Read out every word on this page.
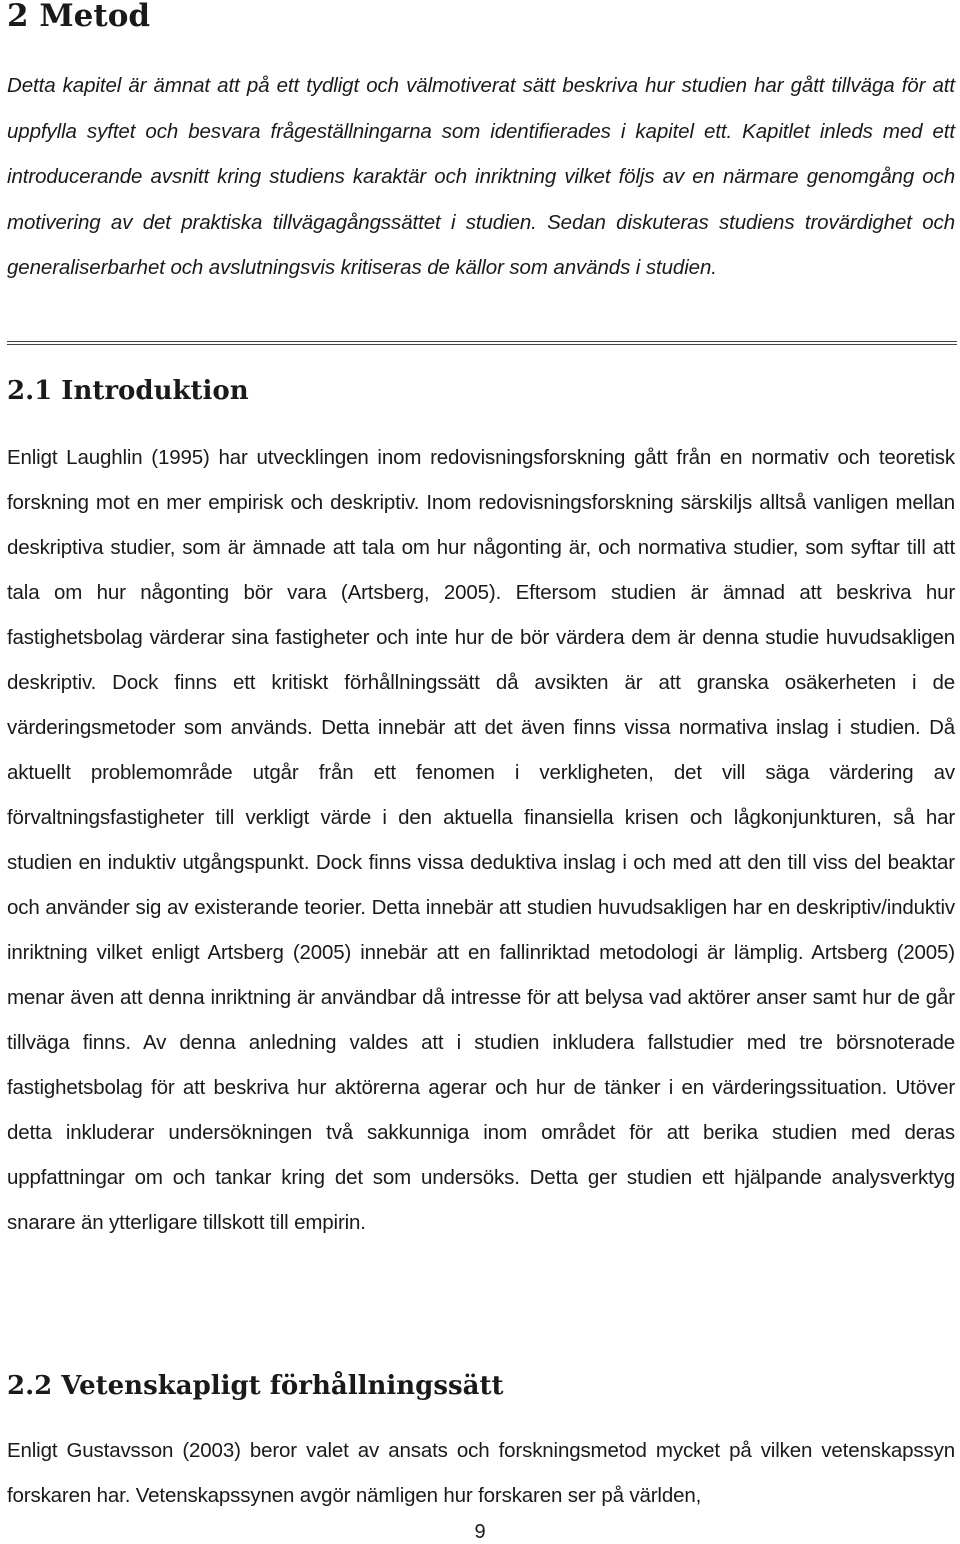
2 Metod

Detta kapitel är ämnat att på ett tydligt och välmotiverat sätt beskriva hur studien har gått tillväga för att uppfylla syftet och besvara frågeställningarna som identifierades i kapitel ett. Kapitlet inleds med ett introducerande avsnitt kring studiens karaktär och inriktning vilket följs av en närmare genomgång och motivering av det praktiska tillvägagångssättet i studien. Sedan diskuteras studiens trovärdighet och generaliserbarhet och avslutningsvis kritiseras de källor som används i studien.

2.1 Introduktion

Enligt Laughlin (1995) har utvecklingen inom redovisningsforskning gått från en normativ och teoretisk forskning mot en mer empirisk och deskriptiv. Inom redovisningsforskning särskiljs alltså vanligen mellan deskriptiva studier, som är ämnade att tala om hur någonting är, och normativa studier, som syftar till att tala om hur någonting bör vara (Artsberg, 2005). Eftersom studien är ämnad att beskriva hur fastighetsbolag värderar sina fastigheter och inte hur de bör värdera dem är denna studie huvudsakligen deskriptiv. Dock finns ett kritiskt förhållningssätt då avsikten är att granska osäkerheten i de värderingsmetoder som används. Detta innebär att det även finns vissa normativa inslag i studien. Då aktuellt problemområde utgår från ett fenomen i verkligheten, det vill säga värdering av förvaltningsfastigheter till verkligt värde i den aktuella finansiella krisen och lågkonjunkturen, så har studien en induktiv utgångspunkt. Dock finns vissa deduktiva inslag i och med att den till viss del beaktar och använder sig av existerande teorier. Detta innebär att studien huvudsakligen har en deskriptiv/induktiv inriktning vilket enligt Artsberg (2005) innebär att en fallinriktad metodologi är lämplig. Artsberg (2005) menar även att denna inriktning är användbar då intresse för att belysa vad aktörer anser samt hur de går tillväga finns. Av denna anledning valdes att i studien inkludera fallstudier med tre börsnoterade fastighetsbolag för att beskriva hur aktörerna agerar och hur de tänker i en värderingssituation. Utöver detta inkluderar undersökningen två sakkunniga inom området för att berika studien med deras uppfattningar om och tankar kring det som undersöks. Detta ger studien ett hjälpande analysverktyg snarare än ytterligare tillskott till empirin.

2.2 Vetenskapligt förhållningssätt

Enligt Gustavsson (2003) beror valet av ansats och forskningsmetod mycket på vilken vetenskapssyn forskaren har. Vetenskapssynen avgör nämligen hur forskaren ser på världen,

9
